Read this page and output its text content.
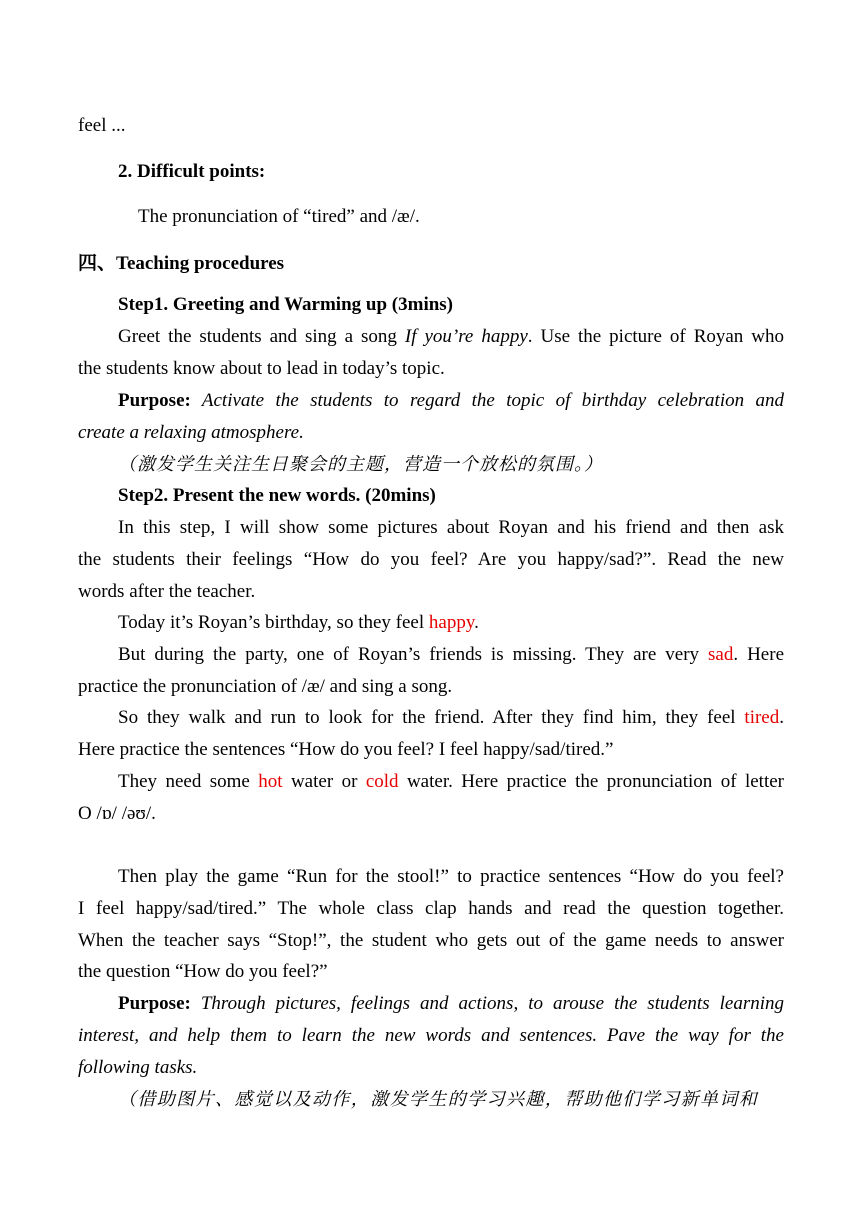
feel ...
2. Difficult points:
The pronunciation of “tired” and /æ/.
四、Teaching procedures
Step1. Greeting and Warming up (3mins)
Greet the students and sing a song If you’re happy. Use the picture of Royan who
the students know about to lead in today’s topic.
Purpose: Activate the students to regard the topic of birthday celebration and
create a relaxing atmosphere.
（激发学生关注生日聚会的主题，营造一个放松的氛围。）
Step2. Present the new words. (20mins)
In this step, I will show some pictures about Royan and his friend and then ask
the students their feelings “How do you feel? Are you happy/sad?”. Read the new
words after the teacher.
Today it’s Royan’s birthday, so they feel happy.
But during the party, one of Royan’s friends is missing. They are very sad. Here
practice the pronunciation of /æ/ and sing a song.
So they walk and run to look for the friend. After they find him, they feel tired.
Here practice the sentences “How do you feel? I feel happy/sad/tired.”
They need some hot water or cold water. Here practice the pronunciation of letter
O /ɒ/ /əʊ/.
Then play the game “Run for the stool!” to practice sentences “How do you feel?
I feel happy/sad/tired.” The whole class clap hands and read the question together.
When the teacher says “Stop!”, the student who gets out of the game needs to answer
the question “How do you feel?”
Purpose: Through pictures, feelings and actions, to arouse the students learning
interest, and help them to learn the new words and sentences. Pave the way for the
following tasks.
（借助图片、感觉以及动作，激发学生的学习兴趣，帮助他们学习新单词和
